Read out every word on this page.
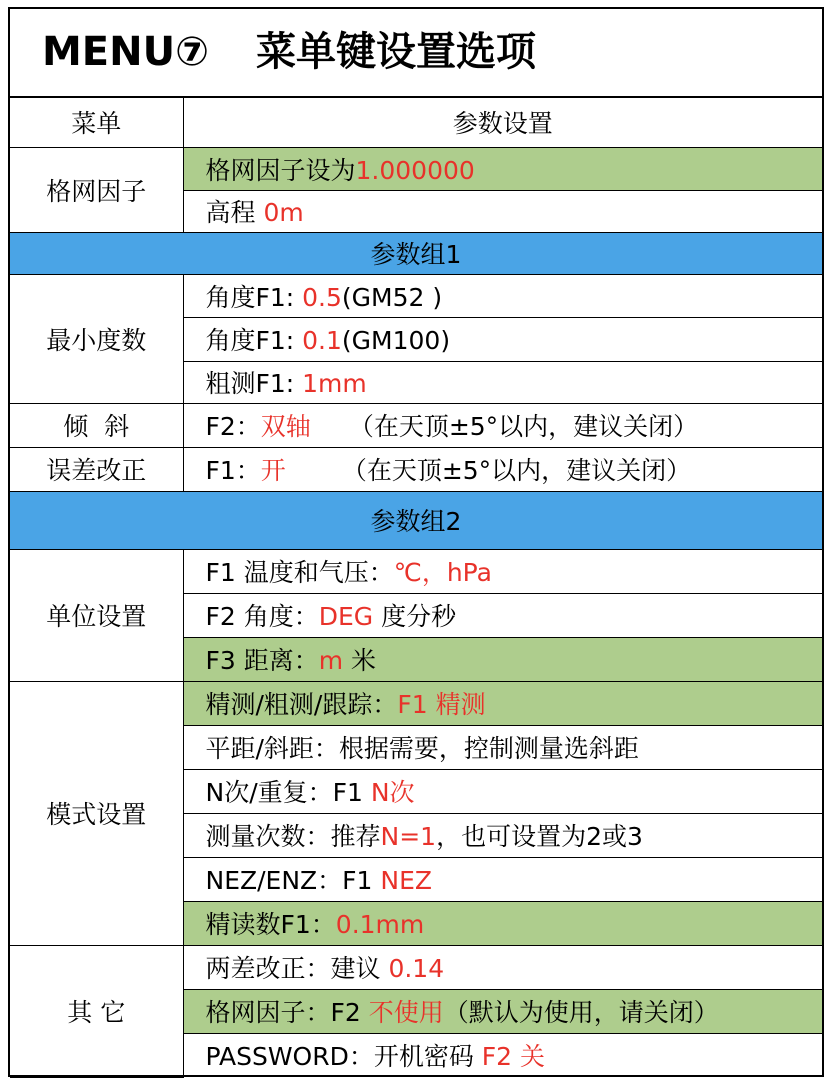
MENU⑦ 菜单键设置选项
菜单	参数设置
格网因子	格网因子设为1.000000
	高程 0m
参数组1	
最小度数	角度F1: 0.5(GM52 )
	角度F1: 0.1(GM100)
	粗测F1: 1mm
倾  斜	F2：双轴 （在天顶±5°以内，建议关闭）
误差改正	F1：开 （在天顶±5°以内，建议关闭）
参数组2	
单位设置	F1 温度和气压：℃，hPa
	F2 角度：DEG 度分秒
	F3 距离：m 米
模式设置	精测/粗测/跟踪：F1 精测
	平距/斜距：根据需要，控制测量选斜距
	N次/重复：F1 N次
	测量次数：推荐N=1，也可设置为2或3
	NEZ/ENZ：F1 NEZ
	精读数F1：0.1mm
其 它	两差改正：建议 0.14
	格网因子：F2 不使用（默认为使用，请关闭）
	PASSWORD：开机密码 F2 关
